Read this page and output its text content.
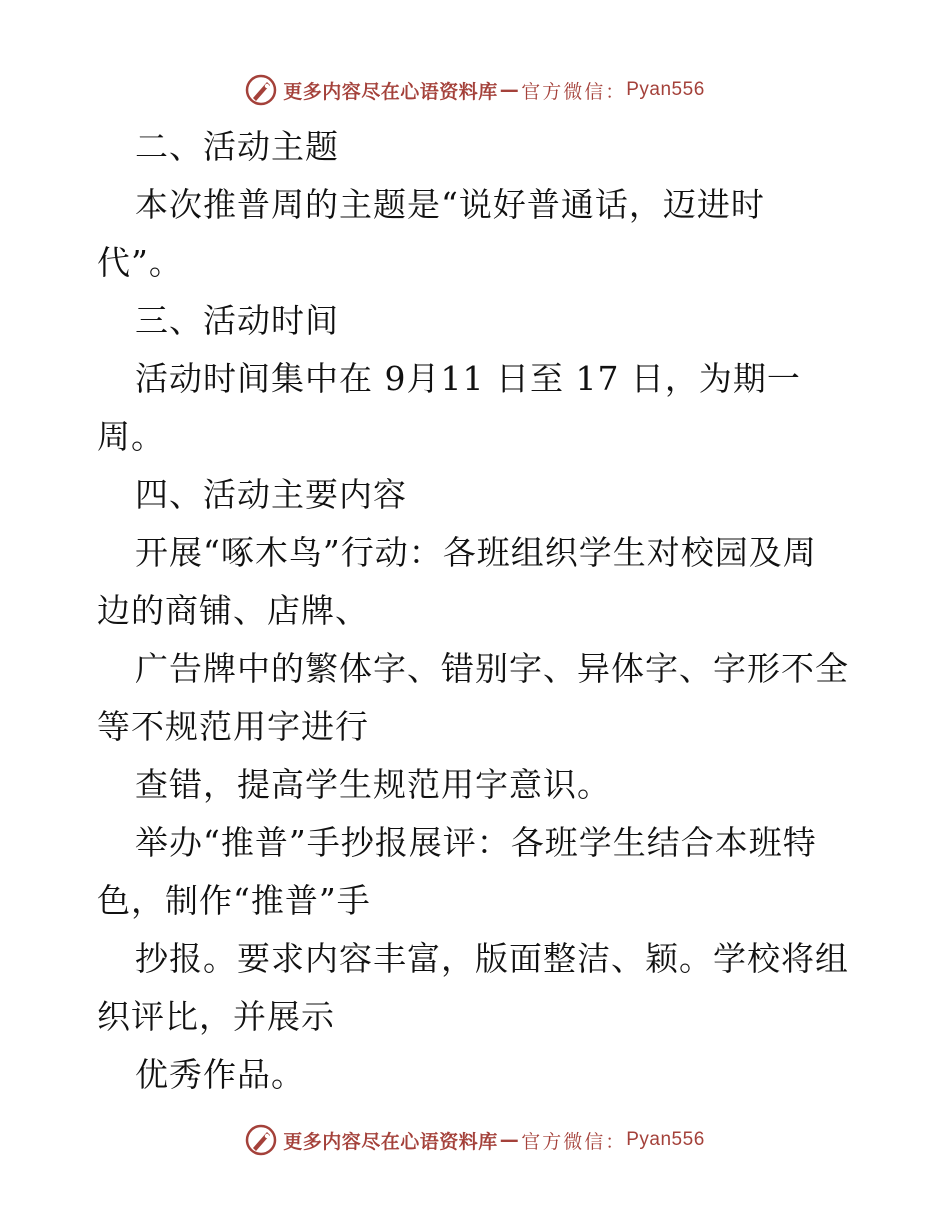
更多内容尽在心语资料库 — 官方微信： Pyan556

二、活动主题

本次推普周的主题是“说好普通话，迈进时

代”。

三、活动时间

活动时间集中在 9月11 日至 17 日，为期一

周。

四、活动主要内容

开展“啄木鸟”行动：各班组织学生对校园及周

边的商铺、店牌、

广告牌中的繁体字、错别字、异体字、字形不全

等不规范用字进行

查错，提高学生规范用字意识。

举办“推普”手抄报展评：各班学生结合本班特

色，制作“推普”手

抄报。要求内容丰富，版面整洁、颖。学校将组

织评比，并展示

优秀作品。

更多内容尽在心语资料库 — 官方微信： Pyan556
